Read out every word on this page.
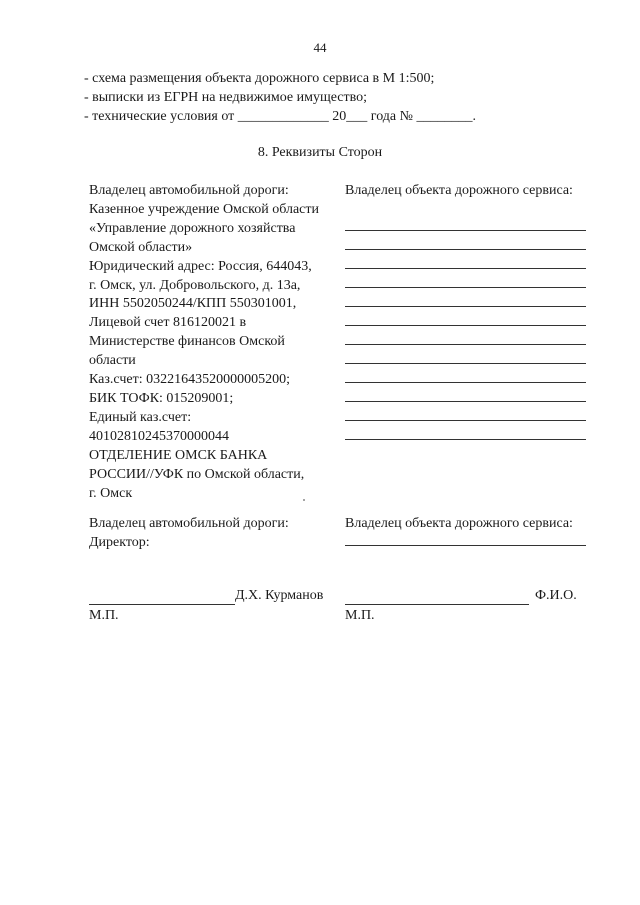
44
- схема размещения объекта дорожного сервиса в М 1:500;
- выписки из ЕГРН на недвижимое имущество;
- технические условия от _____________ 20___ года № ________.
8. Реквизиты Сторон
Владелец автомобильной дороги:
Казенное учреждение Омской области
«Управление дорожного хозяйства
Омской области»
Юридический адрес: Россия, 644043,
г. Омск, ул. Добровольского, д. 13а,
ИНН 5502050244/КПП 550301001,
Лицевой счет 816120021 в
Министерстве финансов Омской
области
Каз.счет: 03221643520000005200;
БИК ТОФК: 015209001;
Единый каз.счет:
40102810245370000044
ОТДЕЛЕНИЕ ОМСК БАНКА
РОССИИ//УФК по Омской области,
г. Омск
Владелец объекта дорожного сервиса:
Владелец автомобильной дороги:
Директор:
Владелец объекта дорожного сервиса:
Д.Х. Курманов
М.П.
Ф.И.О.
М.П.
